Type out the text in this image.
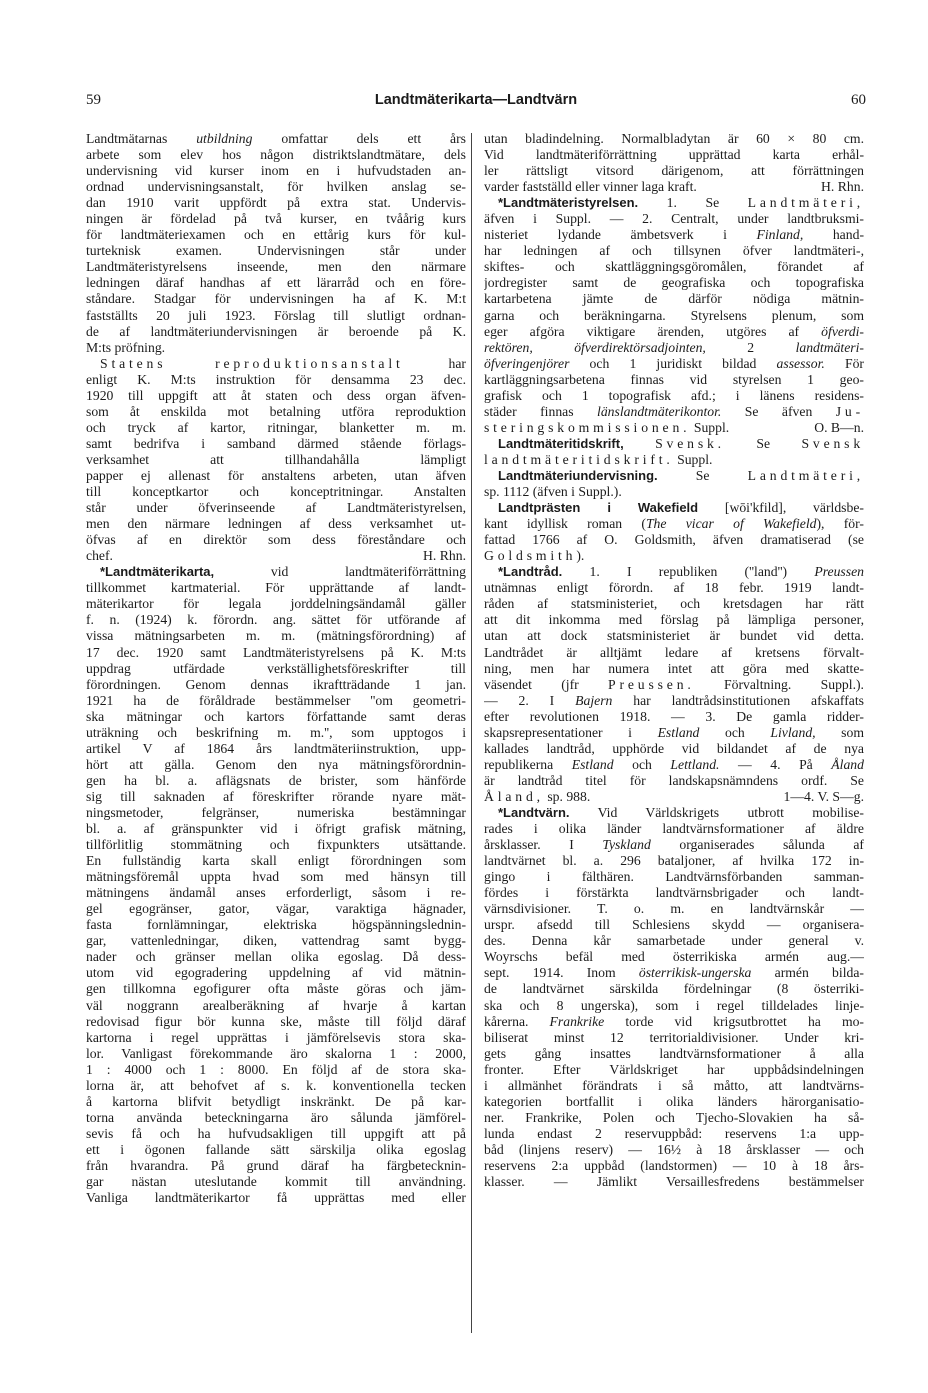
59	Landtmäterikarta—Landtvärn	60
Landtmätarnas utbildning omfattar dels ett års
arbete som elev hos någon distriktslandtmätare, dels
undervisning vid kurser inom en i hufvudstaden an-
ordnad undervisningsanstalt, för hvilken anslag se-
dan 1910 varit uppfördt på extra stat. Undervis-
ningen är fördelad på två kurser, en tvåårig kurs
för landtmäteriexamen och en ettårig kurs för kul-
turteknisk examen. Undervisningen står under
Landtmäteristyrelsens inseende, men den närmare
ledningen däraf handhas af ett lärarråd och en före-
ståndare. Stadgar för undervisningen ha af K. M:t
fastställts 20 juli 1923. Förslag till slutligt ordnan-
de af landtmäteriundervisningen är beroende på K.
M:ts pröfning.
Statens reproduktionsanstalt har
enligt K. M:ts instruktion för densamma 23 dec.
1920 till uppgift att åt staten och dess organ äfven-
som åt enskilda mot betalning utföra reproduktion
och tryck af kartor, ritningar, blanketter m. m.
samt bedrifva i samband därmed stående förlags-
verksamhet att tillhandahålla lämpligt
papper ej allenast för anstaltens arbeten, utan äfven
till konceptkartor och konceptritningar. Anstalten
står under öfverinseende af Landtmäteristyrelsen,
men den närmare ledningen af dess verksamhet ut-
öfvas af en direktör som dess föreståndare och
chef.	H. Rhn.
*Landtmäterikarta, vid landtmäteriförrättning
tillkommet kartmaterial. För upprättande af landt-
mäterikartor för legala jorddelningsändamål gäller
f. n. (1924) k. förordn. ang. sättet för utförande af
vissa mätningsarbeten m. m. (mätningsförordning) af
17 dec. 1920 samt Landtmäteristyrelsens på K. M:ts
uppdrag utfärdade verkställighetsföreskrifter till
förordningen. Genom dennas ikraftträdande 1 jan.
1921 ha de föråldrade bestämmelser ''om geometri-
ska mätningar och kartors författande samt deras
uträkning och beskrifning m. m.'', som upptogos i
artikel V af 1864 års landtmäteriinstruktion, upp-
hört att gälla. Genom den nya mätningsförordnin-
gen ha bl. a. aflägsnats de brister, som hänförde
sig till saknaden af föreskrifter rörande nyare mät-
ningsmetoder, felgränser, numeriska bestämningar
bl. a. af gränspunkter vid i öfrigt grafisk mätning,
tillförlitlig stommätning och fixpunkters utsättande.
En fullständig karta skall enligt förordningen som
mätningsföremål uppta hvad som med hänsyn till
mätningens ändamål anses erforderligt, såsom i re-
gel egogränser, gator, vägar, varaktiga hägnader,
fasta fornlämningar, elektriska högspänningslednin-
gar, vattenledningar, diken, vattendrag samt bygg-
nader och gränser mellan olika egoslag. Då dess-
utom vid egogradering uppdelning af vid mätnin-
gen tillkomna egofigurer ofta måste göras och jäm-
väl noggrann arealberäkning af hvarje å kartan
redovisad figur bör kunna ske, måste till följd däraf
kartorna i regel upprättas i jämförelsevis stora ska-
lor. Vanligast förekommande äro skalorna 1 : 2000,
1 : 4000 och 1 : 8000. En följd af de stora ska-
lorna är, att behofvet af s. k. konventionella tecken
å kartorna blifvit betydligt inskränkt. De på kar-
torna använda beteckningarna äro sålunda jämförel-
sevis få och ha hufvudsakligen till uppgift att på
ett i ögonen fallande sätt särskilja olika egoslag
från hvarandra. På grund däraf ha färgbetecknin-
gar nästan uteslutande kommit till användning.
Vanliga landtmäterikartor få upprättas med eller
utan bladindelning. Normalbladytan är 60 × 80 cm.
Vid landtmäteriförrättning upprättad karta erhål-
ler rättsligt vitsord därigenom, att förrättningen
varder fastställd eller vinner laga kraft.	H. Rhn.
*Landtmäteristyrelsen. 1. Se Landtmäteri,
äfven i Suppl. — 2. Centralt, under landtbruksmi-
nisteriet lydande ämbetsverk i Finland, hand-
har ledningen af och tillsynen öfver landtmäteri-,
skiftes- och skattläggningsgöromålen, förandet af
jordregister samt de geografiska och topografiska
kartarbetena jämte de därför nödiga mätnin-
garna och beräkningarna. Styrelsens plenum, som
eger afgöra viktigare ärenden, utgöres af öfverdi-
rektören, öfverdirektörsadjointen, 2 landtmäteri-
öfveringenjörer och 1 juridiskt bildad assessor. För
kartläggningsarbetena finnas vid styrelsen 1 geo-
grafisk och 1 topografisk afd.; i länens residens-
städer finnas länslandtmäterikontor. Se äfven Ju-
steringskommissionen. Suppl.	O. B—n.
Landtmäteritidskrift, Svensk. Se Svensk
landtmäteritidskrift. Suppl.
Landtmäteriundervisning. Se Landtmäteri,
sp. 1112 (äfven i Suppl.).
Landtprästen i Wakefield [wōi'kfild], världsbe-
kant idyllisk roman (The vicar of Wakefield), för-
fattad 1766 af O. Goldsmith, äfven dramatiserad (se
Goldsmith).
*Landtråd. 1. I republiken (''land'') Preussen
utnämnas enligt förordn. af 18 febr. 1919 landt-
råden af statsministeriet, och kretsdagen har rätt
att dit inkomma med förslag på lämpliga personer,
utan att dock statsministeriet är bundet vid detta.
Landtrådet är alltjämt ledare af kretsens förvalt-
ning, men har numera intet att göra med skatte-
väsendet (jfr Preussen. Förvaltning. Suppl.).
— 2. I Bajern har landtrådsinstitutionen afskaffats
efter revolutionen 1918. — 3. De gamla ridder-
skapsrepresentationer i Estland och Livland, som
kallades landtråd, upphörde vid bildandet af de nya
republikerna Estland och Lettland. — 4. På Åland
är landtråd titel för landskapsnämndens ordf. Se
Åland, sp. 988.	1—4. V. S—g.
*Landtvärn. Vid Världskrigets utbrott mobilise-
rades i olika länder landtvärnsformationer af äldre
årsklasser. I Tyskland organiserades sålunda af
landtvärnet bl. a. 296 bataljoner, af hvilka 172 in-
gingo i fälthären. Landtvärnsförbanden samman-
fördes i förstärkta landtvärnsbrigader och landt-
värnsdivisioner. T. o. m. en landtvärnskår —
urspr. afsedd till Schlesiens skydd — organisera-
des. Denna kår samarbetade under general v.
Woyrschs befäl med österrikiska armén aug.—
sept. 1914. Inom österrikisk-ungerska armén bilda-
de landtvärnet särskilda fördelningar (8 österriki-
ska och 8 ungerska), som i regel tilldelades linje-
kårerna. Frankrike torde vid krigsutbrottet ha mo-
biliserat minst 12 territorialdivisioner. Under kri-
gets gång insattes landtvärnsformationer å alla
fronter. Efter Världskriget har uppbådsindelningen
i allmänhet förändrats i så måtto, att landtvärns-
kategorien bortfallit i olika länders härorganisatio-
ner. Frankrike, Polen och Tjecho-Slovakien ha så-
lunda endast 2 reservuppbåd: reservens 1:a upp-
båd (linjens reserv) — 16½ à 18 årsklasser — och
reservens 2:a uppbåd (landstormen) — 10 à 18 års-
klasser. — Jämlikt Versaillesfredens bestämmelser
